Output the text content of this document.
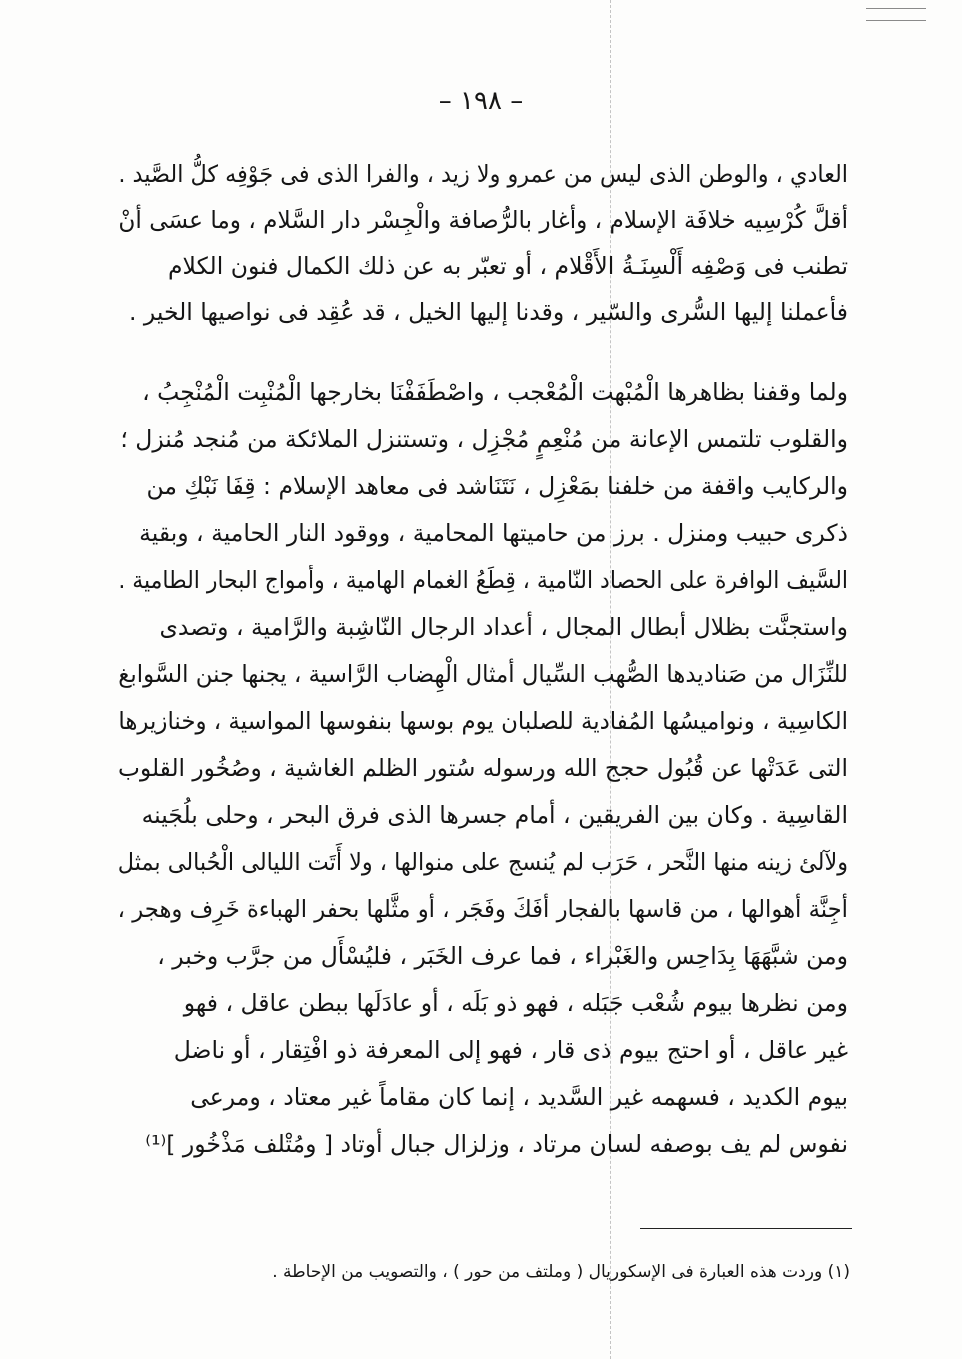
– ١٩٨ –
العادي ، والوطن الذى ليس من عمرو ولا زيد ، والفرا الذى فى جَوْفِه كلُّ الصَّيد .
أقلَّ كُرْسِيه خلافَة الإسلام ، وأغار بالرُّصافة والْجِسْر دار السَّلام ، وما عسَى أنْ
تطنب فى وَصْفِه أَلْسِنَـةُ الأَقْلام ، أو تعبّر به عن ذلك الكمال فنون الكلام
فأعملنا إليها السُّرى والسّير ، وقدنا إليها الخيل ، قد عُقِد فى نواصيها الخير .
ولما وقفنا بظاهرها الْمُبْهت الْمُعْجب ، واصْطَفَفْنَا بخارجها الْمُنْبِت الْمُنْجِبُ ،
والقلوب تلتمس الإعانة من مُنْعِمٍ مُجْزِل ، وتستنزل الملائكة من مُنجد مُنزل ؛
والركايب واقفة من خلفنا بمَعْزِل ، نَتَنَاشد فى معاهد الإسلام : قِفَا نَبْكِ من
ذكرى حبيب ومنزل . برز من حاميتها المحامية ، ووقود النار الحامية ، وبقية
السَّيف الوافرة على الحصاد النّامية ، قِطَعُ الغمام الهامية ، وأمواج البحار الطامية .
واستجنَّت بظلال أبطال المجال ، أعداد الرجال النّاشِبة والرَّامية ، وتصدى
للنِّزَال من صَناديدها الصُّهب السِّيال أمثال الْهِضاب الرَّاسية ، يجنها جنن السَّوابغ
الكاسِية ، ونواميسُها المُفادية للصلبان يوم بوسها بنفوسها المواسية ، وخنازيرها
التى عَدَتْها عن قُبُول حجج الله ورسوله سُتور الظلم الغاشية ، وصُخُور القلوب
القاسِية . وكان بين الفريقين ، أمام جسرها الذى فرق البحر ، وحلى بلُجَينه
ولآلئ زينه منها النَّحر ، حَرَب لم يُنسج على منوالها ، ولا أَتَت الليالى الْحُبالى بمثل
أجِنَّة أهوالها ، من قاسها بالفجار أفَكَ وفَجَر ، أو مثَّلها بحفر الهباءة خَرِف وهجر ،
ومن شبَّهَهَا بِدَاحِس والغَبْراء ، فما عرف الخَبَر ، فليُسْأَل من جرَّب وخبر ،
ومن نظرها بيوم شُعْب جَبَله ، فهو ذو بَلَه ، أو عادَلَها ببطن عاقل ، فهو
غير عاقل ، أو احتج بيوم ذى قار ، فهو إلى المعرفة ذو افْتِقار ، أو ناضل
بيوم الكديد ، فسهمه غير السَّديد ، إنما كان مقاماً غير معتاد ، ومرعى
نفوس لم يف بوصفه لسان مرتاد ، وزلزال جبال أوتاد [ ومُتْلف مَذْخُور ]⁽¹⁾
(١) وردت هذه العبارة فى الإسكوريال ( وملتف من حور ) ، والتصويب من الإحاطة .
